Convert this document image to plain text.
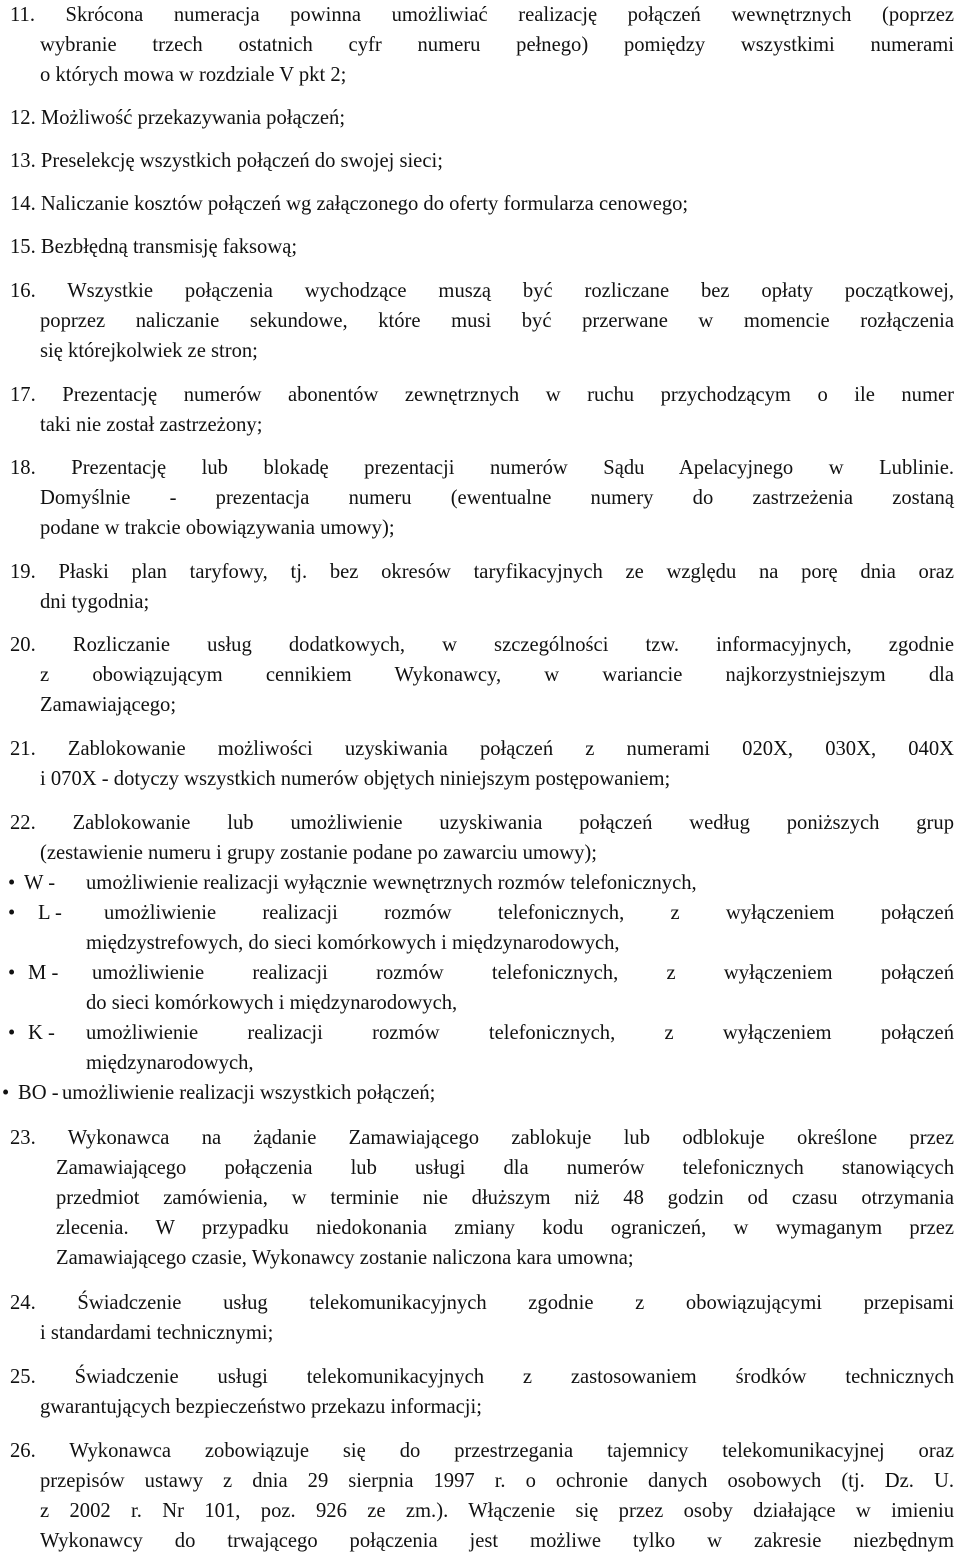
11. Skrócona numeracja powinna umożliwiać realizację połączeń wewnętrznych (poprzez
wybranie trzech ostatnich cyfr numeru pełnego) pomiędzy wszystkimi numerami
o których mowa w rozdziale V pkt 2;
12. Możliwość przekazywania połączeń;
13. Preselekcję wszystkich połączeń do swojej sieci;
14. Naliczanie kosztów połączeń wg załączonego do oferty formularza cenowego;
15. Bezbłędną transmisję faksową;
16. Wszystkie połączenia wychodzące muszą być rozliczane bez opłaty początkowej,
poprzez naliczanie sekundowe, które musi być przerwane w momencie rozłączenia
się którejkolwiek ze stron;
17. Prezentację numerów abonentów zewnętrznych w ruchu przychodzącym o ile numer
taki nie został zastrzeżony;
18. Prezentację lub blokadę prezentacji numerów Sądu Apelacyjnego w Lublinie.
Domyślnie - prezentacja numeru (ewentualne numery do zastrzeżenia zostaną
podane w trakcie obowiązywania umowy);
19. Płaski plan taryfowy, tj. bez okresów taryfikacyjnych ze względu na porę dnia oraz
dni tygodnia;
20. Rozliczanie usług dodatkowych, w szczególności tzw. informacyjnych, zgodnie
z obowiązującym cennikiem Wykonawcy, w wariancie najkorzystniejszym dla
Zamawiającego;
21. Zablokowanie możliwości uzyskiwania połączeń z numerami 020X, 030X, 040X
i 070X - dotyczy wszystkich numerów objętych niniejszym postępowaniem;
22. Zablokowanie lub umożliwienie uzyskiwania połączeń według poniższych grup
(zestawienie numeru i grupy zostanie podane po zawarciu umowy);
• W - umożliwienie realizacji wyłącznie wewnętrznych rozmów telefonicznych,
• L - umożliwienie realizacji rozmów telefonicznych, z wyłączeniem połączeń
międzystrefowych, do sieci komórkowych i międzynarodowych,
• M - umożliwienie realizacji rozmów telefonicznych, z wyłączeniem połączeń
do sieci komórkowych i międzynarodowych,
• K - umożliwienie realizacji rozmów telefonicznych, z wyłączeniem połączeń
międzynarodowych,
• BO - umożliwienie realizacji wszystkich połączeń;
23. Wykonawca na żądanie Zamawiającego zablokuje lub odblokuje określone przez
Zamawiającego połączenia lub usługi dla numerów telefonicznych stanowiących
przedmiot zamówienia, w terminie nie dłuższym niż 48 godzin od czasu otrzymania
zlecenia. W przypadku niedokonania zmiany kodu ograniczeń, w wymaganym przez
Zamawiającego czasie, Wykonawcy zostanie naliczona kara umowna;
24. Świadczenie usług telekomunikacyjnych zgodnie z obowiązującymi przepisami
i standardami technicznymi;
25. Świadczenie usługi telekomunikacyjnych z zastosowaniem środków technicznych
gwarantujących bezpieczeństwo przekazu informacji;
26. Wykonawca zobowiązuje się do przestrzegania tajemnicy telekomunikacyjnej oraz
przepisów ustawy z dnia 29 sierpnia 1997 r. o ochronie danych osobowych (tj. Dz. U.
z 2002 r. Nr 101, poz. 926 ze zm.). Włączenie się przez osoby działające w imieniu
Wykonawcy do trwającego połączenia jest możliwe tylko w zakresie niezbędnym
